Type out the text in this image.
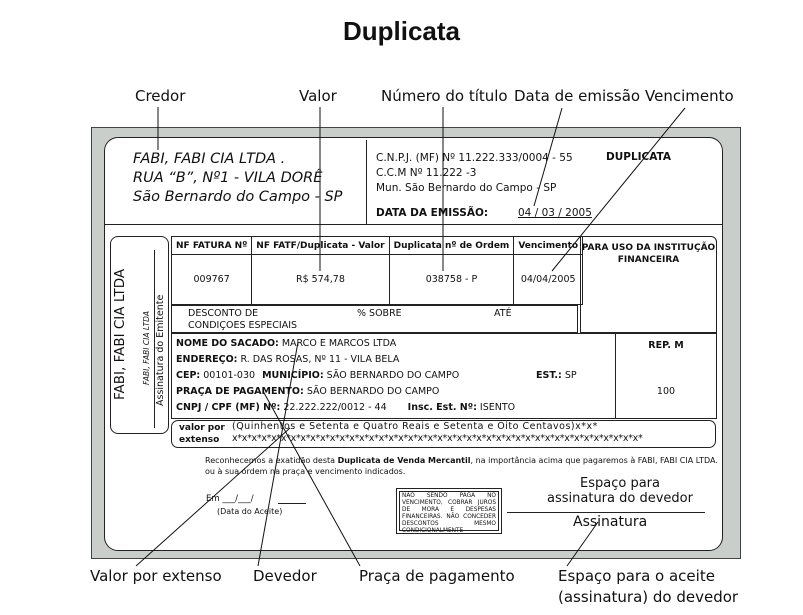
Duplicata
Credor	Valor	Número do título Data de emissão Vencimento
Valor por extenso Devedor	Praça de pagamento	Espaço para o aceite
(assinatura) do devedor
FABI, FABI CIA LTDA .
RUA “B”, Nº1 - VILA DORÊ
São Bernardo do Campo - SP
C.N.P.J. (MF) Nº 11.222.333/0004 - 55
C.C.M Nº 11.222 -3
Mun. São Bernardo do Campo - SP
DUPLICATA
DATA DA EMISSÃO:	04 / 03 / 2005
FABI, FABI CIA LTDA FABI, FABI CIA LTDA Assinatura do Emitente
NF FATURA Nº	NF FATF/Duplicata - Valor	Duplicata nº de Ordem	Vencimento
009767	R$ 574,78	038758 - P	04/04/2005
PARA USO DA INSTITUÇÃO FINANCEIRA
DESCONTO DE
CONDIÇOES ESPECIAIS
% SOBRE	ATÉ
NOME DO SACADO: MARCO E MARCOS LTDA
ENDEREÇO: R. DAS ROSAS, Nº 11 - VILA BELA
CEP: 00101-030 MUNICÍPIO: SÃO BERNARDO DO CAMPO	EST.: SP
PRAÇA DE PAGAMENTO: SÃO BERNARDO DO CAMPO
CNPJ / CPF (MF) Nº: 22.222.222/0012 - 44 Insc. Est. Nº: ISENTO
REP. M
100
valor por
extenso
(Quinhentos e Setenta e Quatro Reais e Setenta e Oito Centavos)x*x*
x*x*x*x*x*x*x*x*x*x*x*x*x*x*x*x*x*x*x*x*x*x*x*x*x*x*x*x*x*x*x*x*x*x*x*x*x*x*x*x*x*x*
Reconhecemos a exatidão desta Duplicata de Venda Mercantil, na importância acima que pagaremos à FABI, FABI CIA LTDA.
ou à sua ordem na praça e vencimento indicados.
Em ___/___/
(Data do Aceite)
NÃO SENDO PAGA NO VENCIMENTO, COBRAR JUROS DE MORA E DESPESAS FINANCEIRAS. NÃO CONCEDER DESCONTOS MESMO CONDICIONALMENTE
Espaço para
assinatura do devedor
Assinatura
